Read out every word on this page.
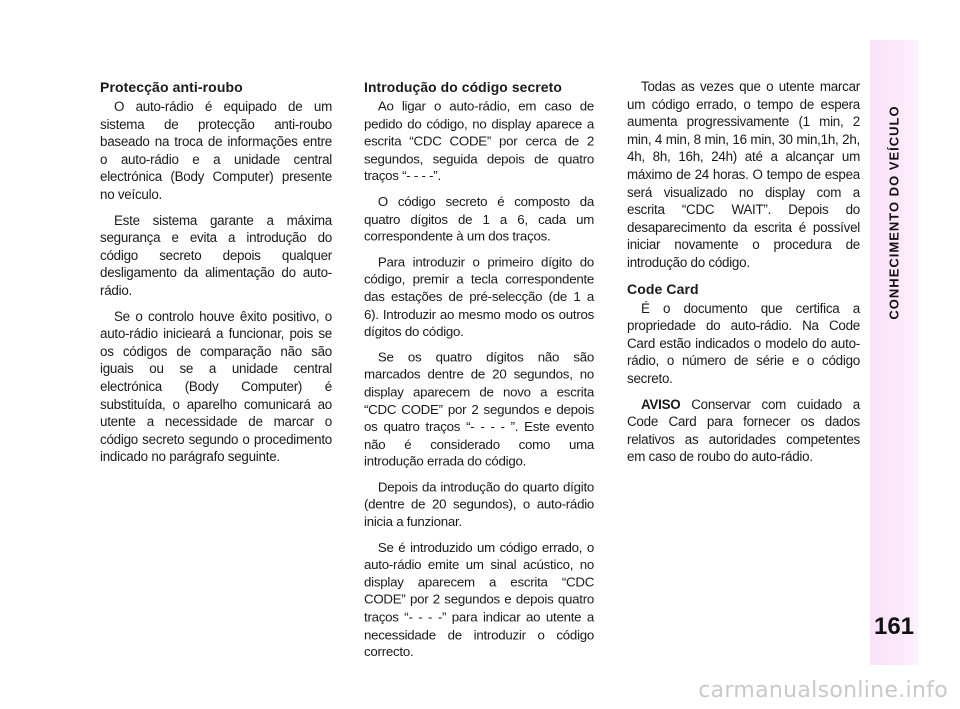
Protecção anti-roubo

O auto-rádio é equipado de um sistema de protecção anti-roubo baseado na troca de informações entre o auto-rádio e a unidade central electrónica (Body Computer) presente no veículo.

Este sistema garante a máxima segurança e evita a introdução do código secreto depois qualquer desligamento da alimentação do auto-rádio.

Se o controlo houve êxito positivo, o auto-rádio inicieará a funcionar, pois se os códigos de comparação não são iguais ou se a unidade central electrónica (Body Computer) é substituída, o aparelho comunicará ao utente a necessidade de marcar o código secreto segundo o procedimento indicado no parágrafo seguinte.

Introdução do código secreto

Ao ligar o auto-rádio, em caso de pedido do código, no display aparece a escrita “CDC CODE” por cerca de 2 segundos, seguida depois de quatro traços “- - - -”.

O código secreto é composto da quatro dígitos de 1 a 6, cada um correspondente à um dos traços.

Para introduzir o primeiro dígito do código, premir a tecla correspondente das estações de pré-selecção (de 1 a 6). Introduzir ao mesmo modo os outros dígitos do código.

Se os quatro dígitos não são marcados dentre de 20 segundos, no display aparecem de novo a escrita “CDC CODE” por 2 segundos e depois os quatro traços “- - - - ”. Este evento não é considerado como uma introdução errada do código.

Depois da introdução do quarto dígito (dentre de 20 segundos), o auto-rádio inicia a funzionar.

Se é introduzido um código errado, o auto-rádio emite um sinal acústico, no display aparecem a escrita “CDC CODE” por 2 segundos e depois quatro traços “- - - -” para indicar ao utente a necessidade de introduzir o código correcto.

Todas as vezes que o utente marcar um código errado, o tempo de espera aumenta progressivamente (1 min, 2 min, 4 min, 8 min, 16 min, 30 min,1h, 2h, 4h, 8h, 16h, 24h) até a alcançar um máximo de 24 horas. O tempo de espea será visualizado no display com a escrita “CDC WAIT”. Depois do desaparecimento da escrita é possível iniciar novamente o procedura de introdução do código.

Code Card

É o documento que certifica a propriedade do auto-rádio. Na Code Card estão indicados o modelo do auto-rádio, o número de série e o código secreto.

AVISO Conservar com cuidado a Code Card para fornecer os dados relativos as autoridades competentes em caso de roubo do auto-rádio.

CONHECIMENTO DO VEÍCULO
161
carmanualsonline.info
